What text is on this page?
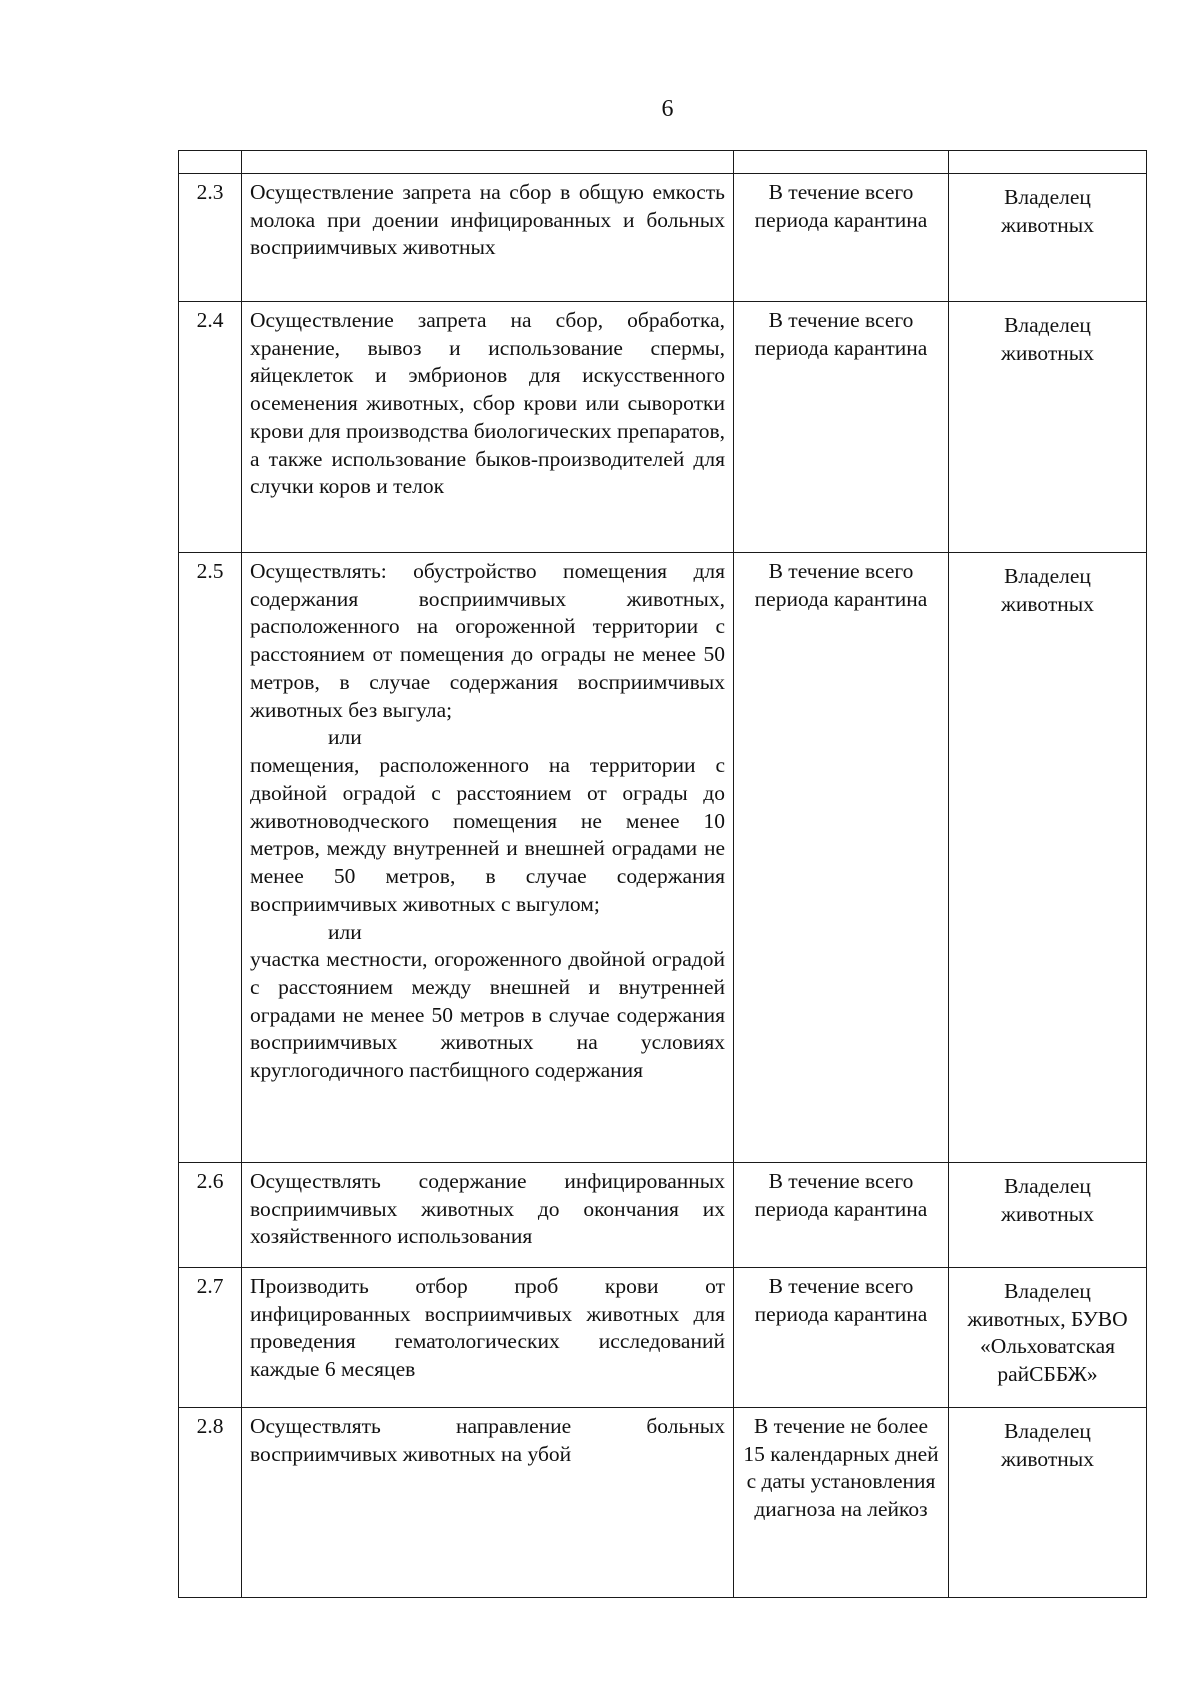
6

2.3	Осуществление запрета на сбор в общую емкость молока при доении инфицированных и больных восприимчивых животных	В течение всего периода карантина	Владелец животных

2.4	Осуществление запрета на сбор, обработка, хранение, вывоз и использование спермы, яйцеклеток и эмбрионов для искусственного осеменения животных, сбор крови или сыворотки крови для производства биологических препаратов, а также использование быков-производителей для случки коров и телок	В течение всего периода карантина	Владелец животных

2.5	Осуществлять: обустройство помещения для содержания восприимчивых животных, расположенного на огороженной территории с расстоянием от помещения до ограды не менее 50 метров, в случае содержания восприимчивых животных без выгула;
или
помещения, расположенного на территории с двойной оградой с расстоянием от ограды до животноводческого помещения не менее 10 метров, между внутренней и внешней оградами не менее 50 метров, в случае содержания восприимчивых животных с выгулом;
или
участка местности, огороженного двойной оградой с расстоянием между внешней и внутренней оградами не менее 50 метров в случае содержания восприимчивых животных на условиях круглогодичного пастбищного содержания	В течение всего периода карантина	Владелец животных

2.6	Осуществлять содержание инфицированных восприимчивых животных до окончания их хозяйственного использования	В течение всего периода карантина	Владелец животных

2.7	Производить отбор проб крови от инфицированных восприимчивых животных для проведения гематологических исследований каждые 6 месяцев	В течение всего периода карантина	Владелец животных, БУВО «Ольховатская райСББЖ»

2.8	Осуществлять направление больных восприимчивых животных на убой	В течение не более 15 календарных дней с даты установления диагноза на лейкоз	Владелец животных
